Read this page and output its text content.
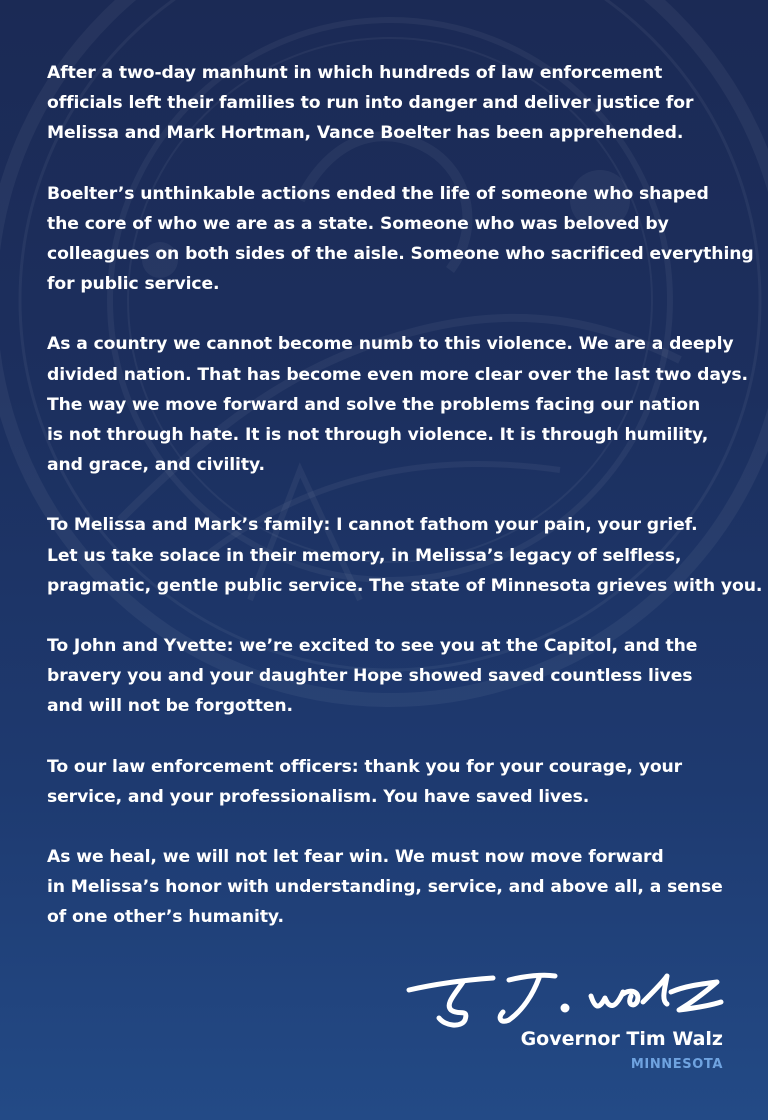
After a two-day manhunt in which hundreds of law enforcement
officials left their families to run into danger and deliver justice for
Melissa and Mark Hortman, Vance Boelter has been apprehended.

Boelter’s unthinkable actions ended the life of someone who shaped
the core of who we are as a state. Someone who was beloved by
colleagues on both sides of the aisle. Someone who sacrificed everything
for public service.

As a country we cannot become numb to this violence. We are a deeply
divided nation. That has become even more clear over the last two days.
The way we move forward and solve the problems facing our nation
is not through hate. It is not through violence. It is through humility,
and grace, and civility.

To Melissa and Mark’s family: I cannot fathom your pain, your grief.
Let us take solace in their memory, in Melissa’s legacy of selfless,
pragmatic, gentle public service. The state of Minnesota grieves with you.

To John and Yvette: we’re excited to see you at the Capitol, and the
bravery you and your daughter Hope showed saved countless lives
and will not be forgotten.

To our law enforcement officers: thank you for your courage, your
service, and your professionalism. You have saved lives.

As we heal, we will not let fear win. We must now move forward
in Melissa’s honor with understanding, service, and above all, a sense
of one other’s humanity.

Governor Tim Walz
MINNESOTA
